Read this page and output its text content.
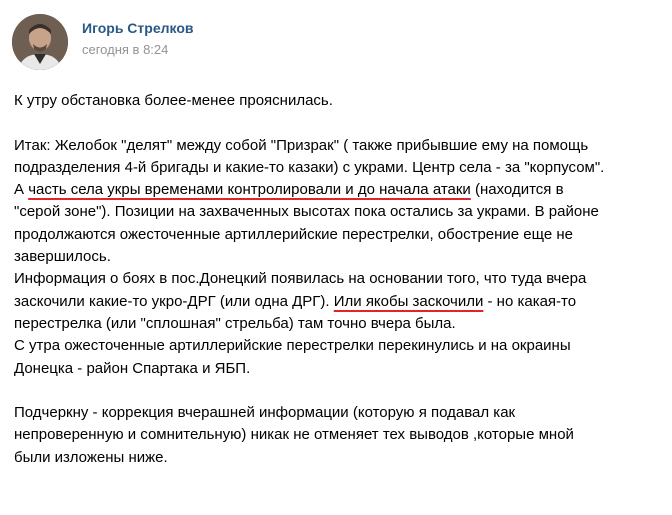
Игорь Стрелков
сегодня в 8:24
К утру обстановка более-менее прояснилась.
Итак: Желобок "делят" между собой "Призрак" ( также прибывшие ему на помощь
подразделения 4-й бригады и какие-то казаки) с украми. Центр села - за "корпусом".
А часть села укры временами контролировали и до начала атаки (находится в
"серой зоне"). Позиции на захваченных высотах пока остались за украми. В районе
продолжаются ожесточенные артиллерийские перестрелки, обострение еще не
завершилось.
Информация о боях в пос.Донецкий появилась на основании того, что туда вчера
заскочили какие-то укро-ДРГ (или одна ДРГ). Или якобы заскочили - но какая-то
перестрелка (или "сплошная" стрельба) там точно вчера была.
С утра ожесточенные артиллерийские перестрелки перекинулись и на окраины
Донецка - район Спартака и ЯБП.
Подчеркну - коррекция вчерашней информации (которую я подавал как
непроверенную и сомнительную) никак не отменяет тех выводов ,которые мной
были изложены ниже.
